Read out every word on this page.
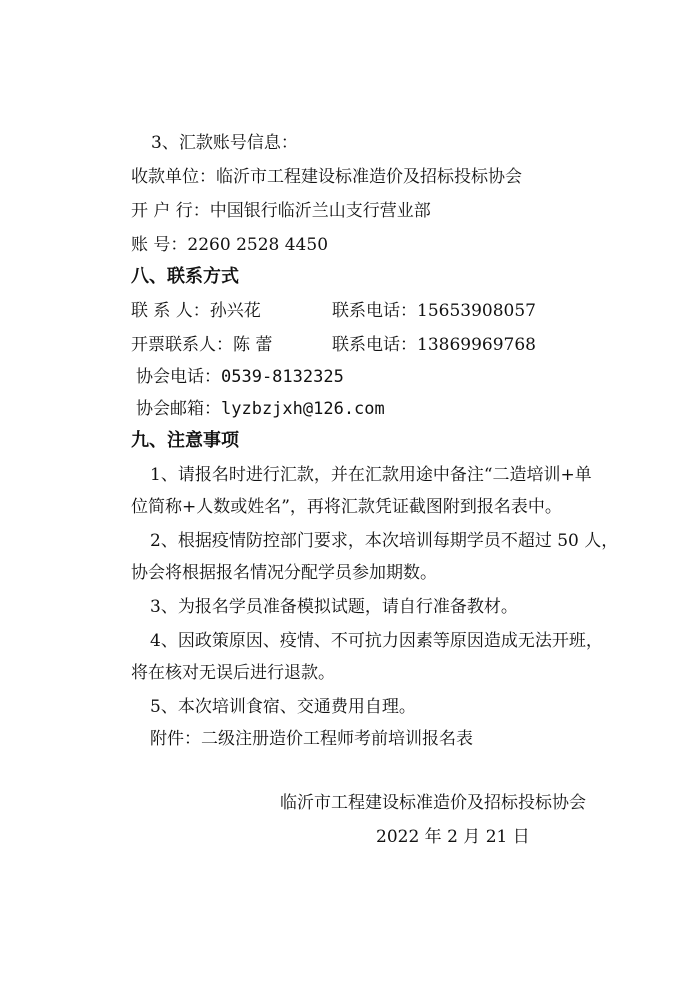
3、汇款账号信息：
收款单位：临沂市工程建设标准造价及招标投标协会
开 户 行：中国银行临沂兰山支行营业部
账 号：2260 2528 4450
八、联系方式
联 系 人：孙兴花	联系电话：15653908057
开票联系人：陈 蕾	联系电话：13869969768
协会电话：0539-8132325
协会邮箱：lyzbzjxh@126.com
九、注意事项
1、请报名时进行汇款，并在汇款用途中备注“二造培训+单
位简称+人数或姓名”，再将汇款凭证截图附到报名表中。
2、根据疫情防控部门要求，本次培训每期学员不超过 50 人，
协会将根据报名情况分配学员参加期数。
3、为报名学员准备模拟试题，请自行准备教材。
4、因政策原因、疫情、不可抗力因素等原因造成无法开班，
将在核对无误后进行退款。
5、本次培训食宿、交通费用自理。
附件：二级注册造价工程师考前培训报名表
临沂市工程建设标准造价及招标投标协会
2022 年 2 月 21 日
